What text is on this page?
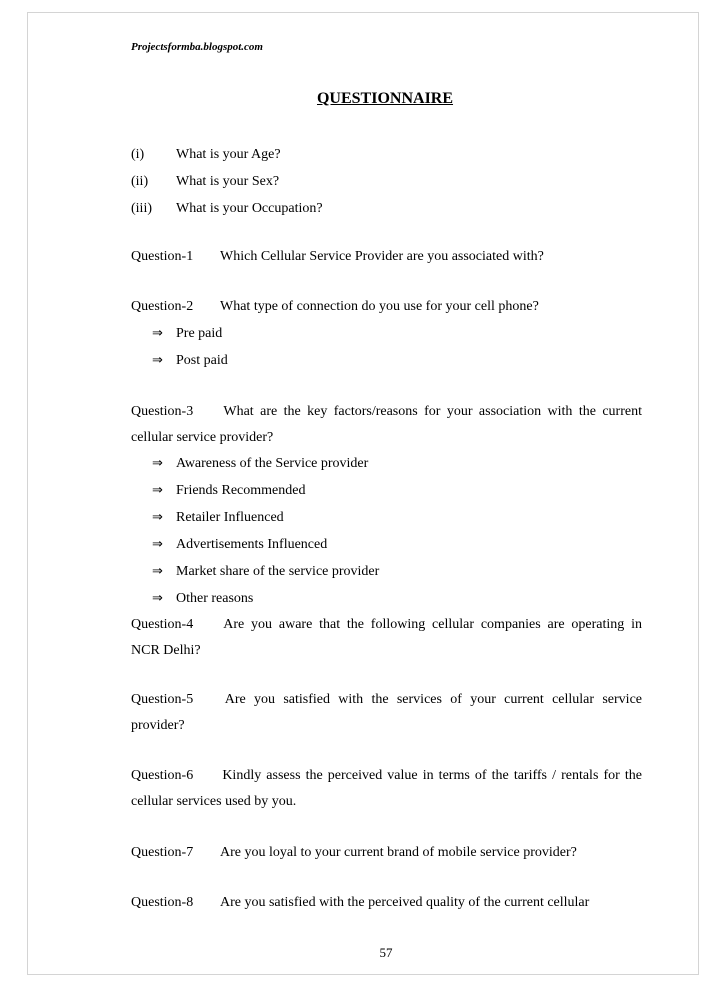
Projectsformba.blogspot.com
QUESTIONNAIRE
(i) What is your Age?
(ii) What is your Sex?
(iii) What is your Occupation?
Question-1 Which Cellular Service Provider are you associated with?
Question-2 What type of connection do you use for your cell phone?
⇒ Pre paid
⇒ Post paid
Question-3 What are the key factors/reasons for your association with the current
cellular service provider?
⇒ Awareness of the Service provider
⇒ Friends Recommended
⇒ Retailer Influenced
⇒ Advertisements Influenced
⇒ Market share of the service provider
⇒ Other reasons
Question-4 Are you aware that the following cellular companies are operating in
NCR Delhi?
Question-5 Are you satisfied with the services of your current cellular service
provider?
Question-6 Kindly assess the perceived value in terms of the tariffs / rentals for the
cellular services used by you.
Question-7 Are you loyal to your current brand of mobile service provider?
Question-8 Are you satisfied with the perceived quality of the current cellular
57
